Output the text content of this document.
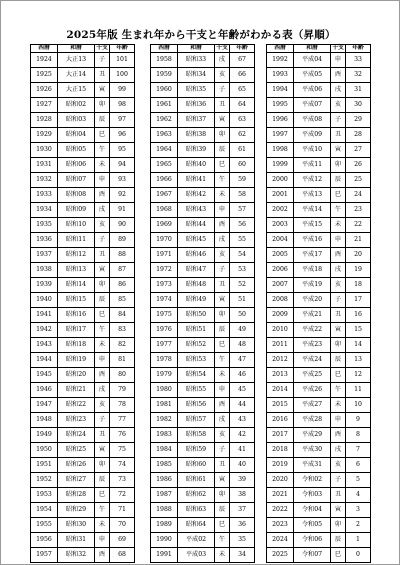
2025年版 生まれ年から干支と年齢がわかる表（昇順）
西暦	和暦	干支	年齢
1924	大正13	子	101
1925	大正14	丑	100
1926	大正15	寅	99
1927	昭和02	卯	98
1928	昭和03	辰	97
1929	昭和04	巳	96
1930	昭和05	午	95
1931	昭和06	未	94
1932	昭和07	申	93
1933	昭和08	酉	92
1934	昭和09	戌	91
1935	昭和10	亥	90
1936	昭和11	子	89
1937	昭和12	丑	88
1938	昭和13	寅	87
1939	昭和14	卯	86
1940	昭和15	辰	85
1941	昭和16	巳	84
1942	昭和17	午	83
1943	昭和18	未	82
1944	昭和19	申	81
1945	昭和20	酉	80
1946	昭和21	戌	79
1947	昭和22	亥	78
1948	昭和23	子	77
1949	昭和24	丑	76
1950	昭和25	寅	75
1951	昭和26	卯	74
1952	昭和27	辰	73
1953	昭和28	巳	72
1954	昭和29	午	71
1955	昭和30	未	70
1956	昭和31	申	69
1957	昭和32	酉	68
西暦	和暦	干支	年齢
1958	昭和33	戌	67
1959	昭和34	亥	66
1960	昭和35	子	65
1961	昭和36	丑	64
1962	昭和37	寅	63
1963	昭和38	卯	62
1964	昭和39	辰	61
1965	昭和40	巳	60
1966	昭和41	午	59
1967	昭和42	未	58
1968	昭和43	申	57
1969	昭和44	酉	56
1970	昭和45	戌	55
1971	昭和46	亥	54
1972	昭和47	子	53
1973	昭和48	丑	52
1974	昭和49	寅	51
1975	昭和50	卯	50
1976	昭和51	辰	49
1977	昭和52	巳	48
1978	昭和53	午	47
1979	昭和54	未	46
1980	昭和55	申	45
1981	昭和56	酉	44
1982	昭和57	戌	43
1983	昭和58	亥	42
1984	昭和59	子	41
1985	昭和60	丑	40
1986	昭和61	寅	39
1987	昭和62	卯	38
1988	昭和63	辰	37
1989	昭和64	巳	36
1990	平成02	午	35
1991	平成03	未	34
西暦	和暦	干支	年齢
1992	平成04	申	33
1993	平成05	酉	32
1994	平成06	戌	31
1995	平成07	亥	30
1996	平成08	子	29
1997	平成09	丑	28
1998	平成10	寅	27
1999	平成11	卯	26
2000	平成12	辰	25
2001	平成13	巳	24
2002	平成14	午	23
2003	平成15	未	22
2004	平成16	申	21
2005	平成17	酉	20
2006	平成18	戌	19
2007	平成19	亥	18
2008	平成20	子	17
2009	平成21	丑	16
2010	平成22	寅	15
2011	平成23	卯	14
2012	平成24	辰	13
2013	平成25	巳	12
2014	平成26	午	11
2015	平成27	未	10
2016	平成28	申	9
2017	平成29	酉	8
2018	平成30	戌	7
2019	平成31	亥	6
2020	令和02	子	5
2021	令和03	丑	4
2022	令和04	寅	3
2023	令和05	卯	2
2024	令和06	辰	1
2025	令和07	巳	0
